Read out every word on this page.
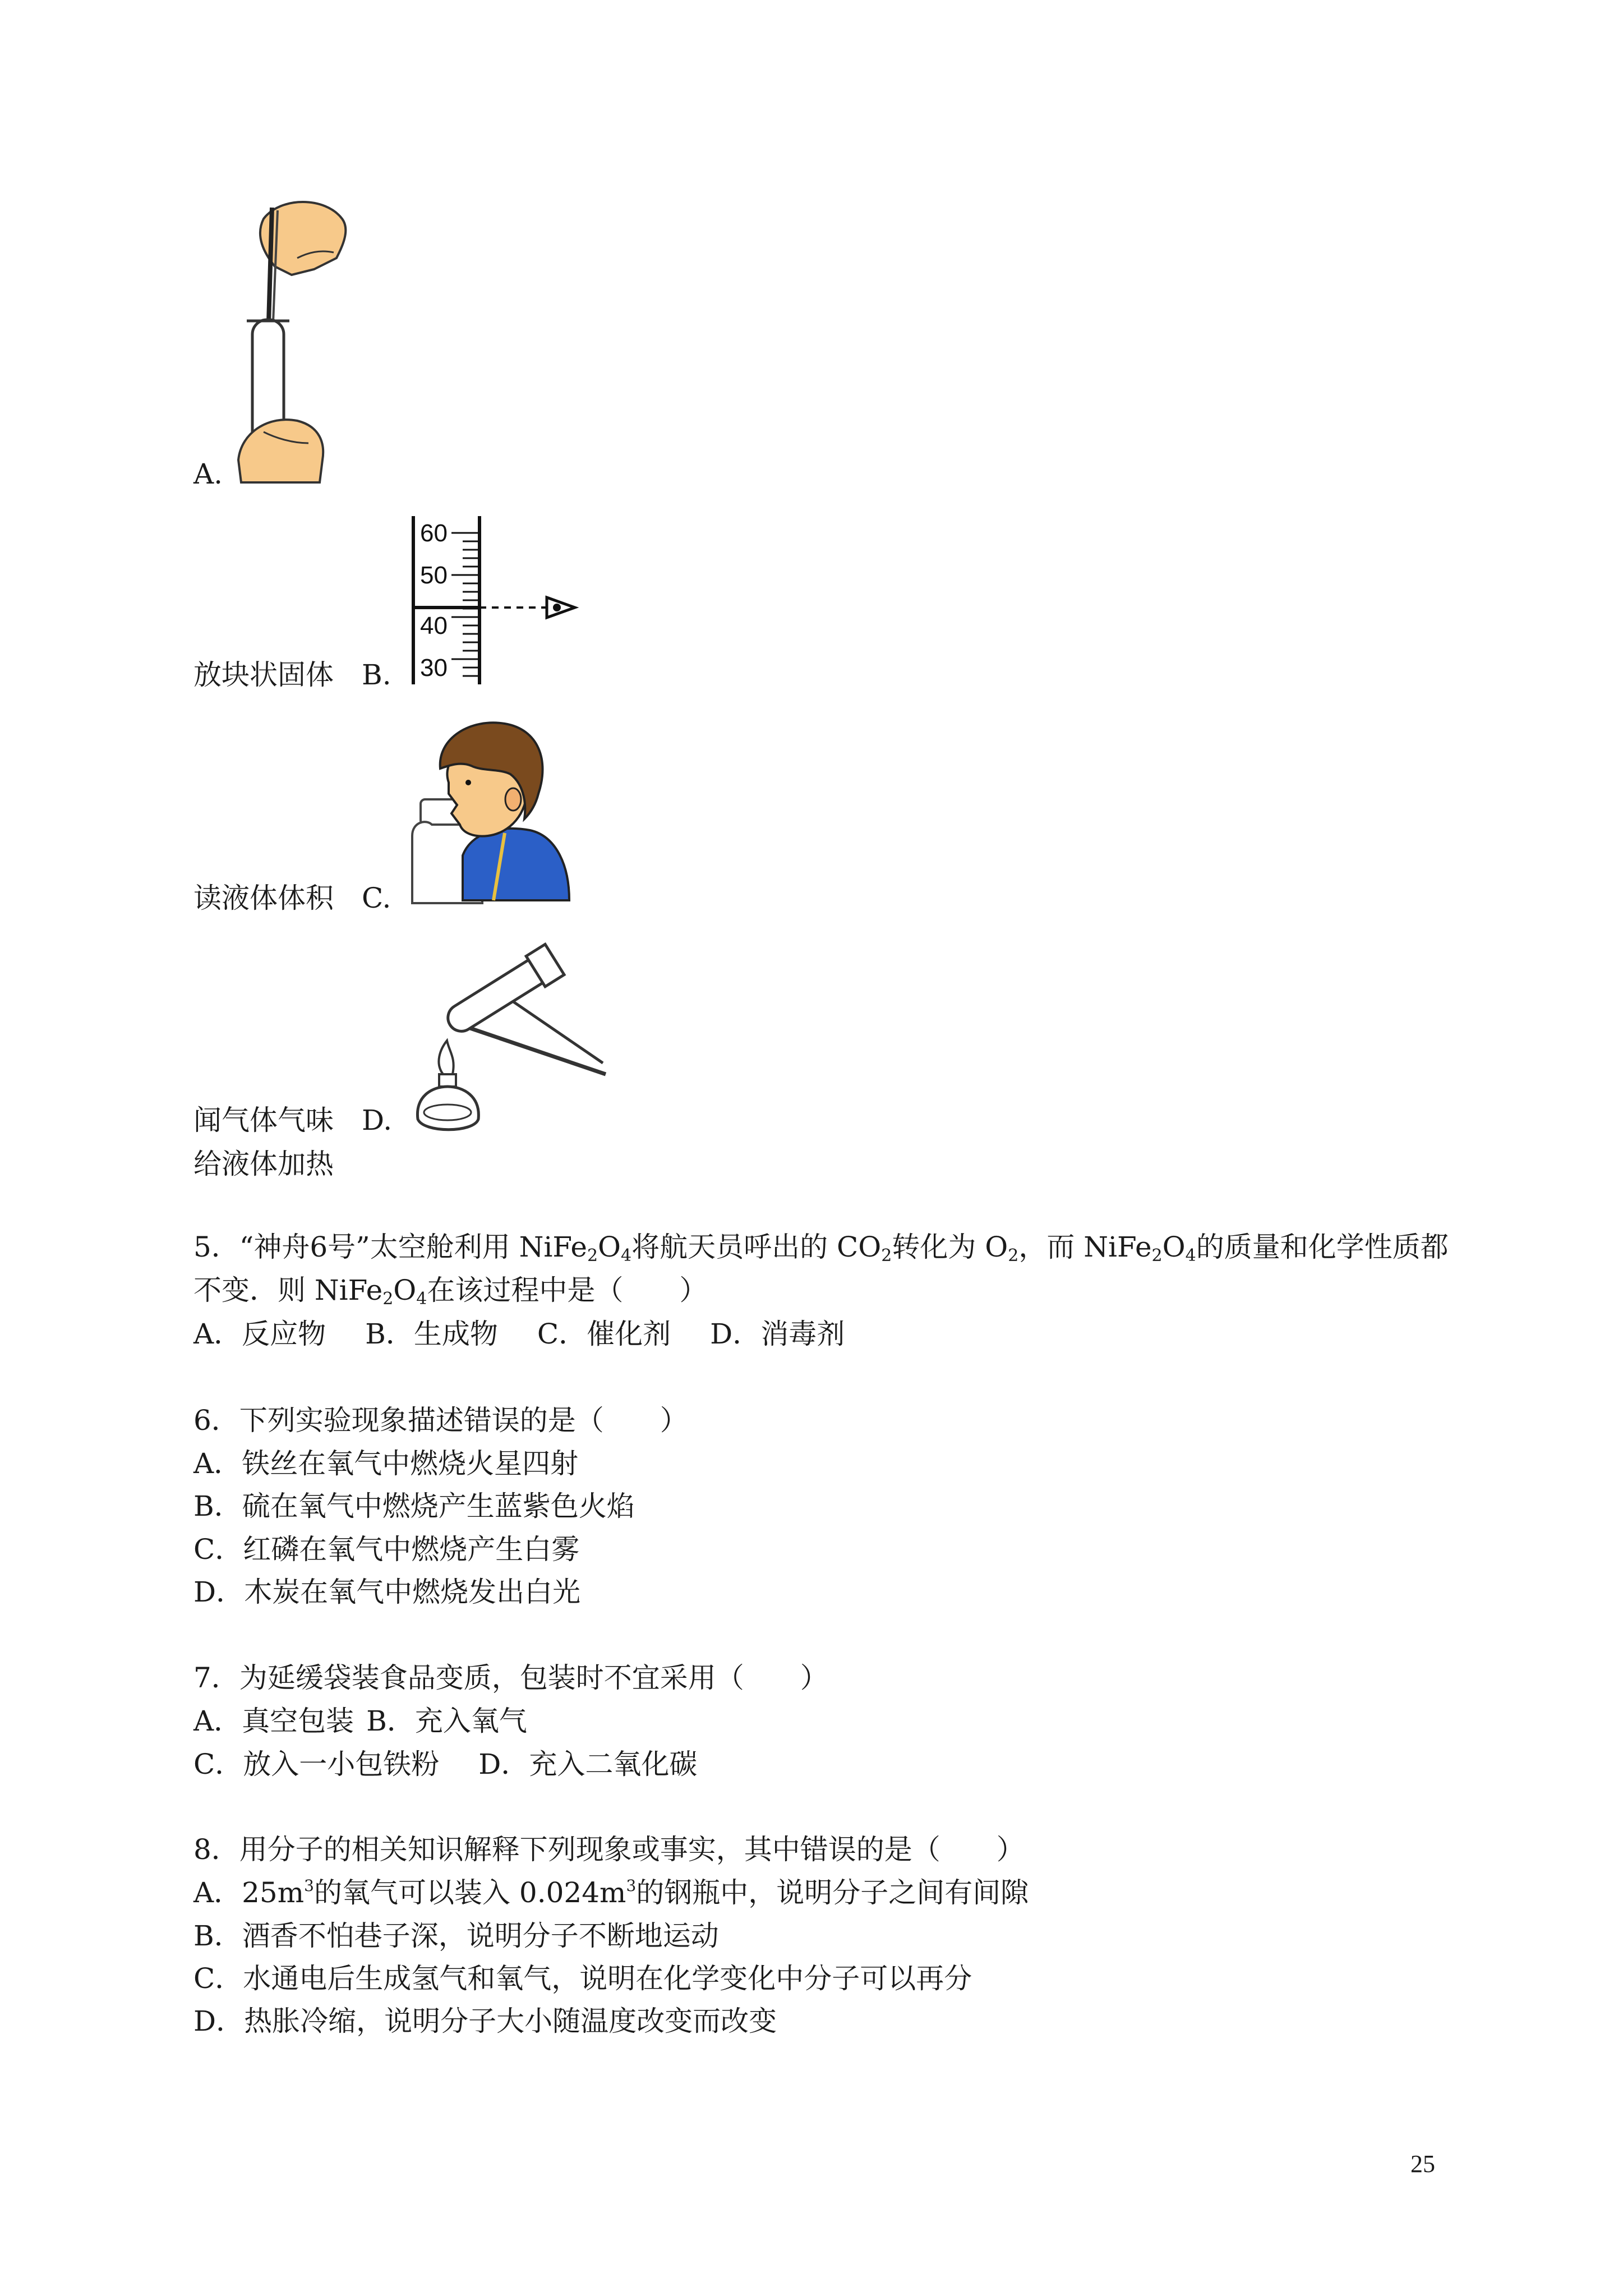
A.
60
50
40
30
放块状固体 B.
读液体体积 C.
闻气体气味 D.
给液体加热
5．“神舟6号”太空舱利用 $NiFe_2O_4$将航天员呼出的 $CO_2$转化为 $O_2$，而 $NiFe_2O_4$的质量和化学性质都
不变．则 $NiFe_2O_4$在该过程中是（　　）
A．反应物 B．生成物 C．催化剂 D．消毒剂
6．下列实验现象描述错误的是（　　）
A．铁丝在氧气中燃烧火星四射
B．硫在氧气中燃烧产生蓝紫色火焰
C．红磷在氧气中燃烧产生白雾
D．木炭在氧气中燃烧发出白光
7．为延缓袋装食品变质，包装时不宜采用（　　）
A．真空包装 B．充入氧气
C．放入一小包铁粉 D．充入二氧化碳
8．用分子的相关知识解释下列现象或事实，其中错误的是（　　）
A．$25m^3$的氧气可以装入 $0.024m^3$的钢瓶中，说明分子之间有间隙
B．酒香不怕巷子深，说明分子不断地运动
C．水通电后生成氢气和氧气，说明在化学变化中分子可以再分
D．热胀冷缩，说明分子大小随温度改变而改变
25
